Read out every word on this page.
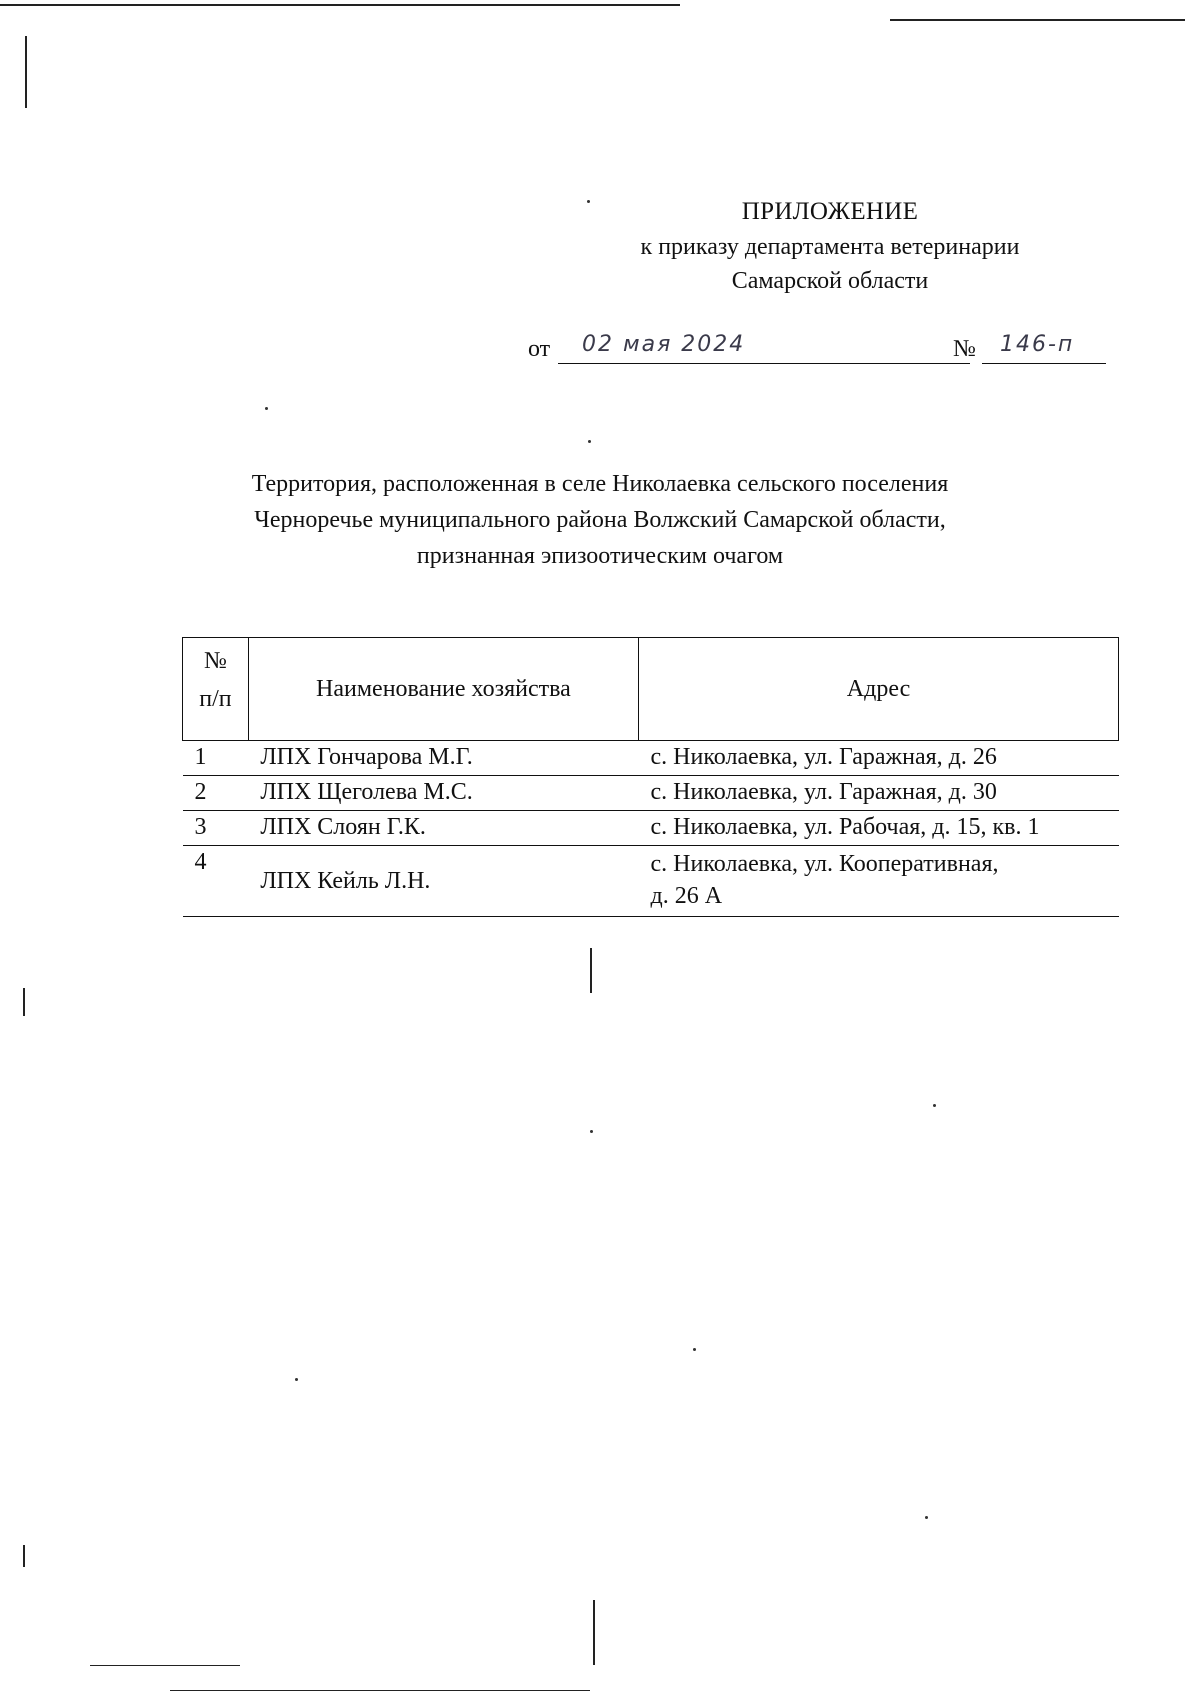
ПРИЛОЖЕНИЕ
к приказу департамента ветеринарии
Самарской области
от	02 мая 2024	№	146-п
Территория, расположенная в селе Николаевка сельского поселения
Черноречье муниципального района Волжский Самарской области,
признанная эпизоотическим очагом
№
п/п	Наименование хозяйства	Адрес
1	ЛПХ Гончарова М.Г.	с. Николаевка, ул. Гаражная, д. 26
2	ЛПХ Щеголева М.С.	с. Николаевка, ул. Гаражная, д. 30
3	ЛПХ Слоян Г.К.	с. Николаевка, ул. Рабочая, д. 15, кв. 1
4	ЛПХ Кейль Л.Н.	с. Николаевка, ул. Кооперативная,
д. 26 А
